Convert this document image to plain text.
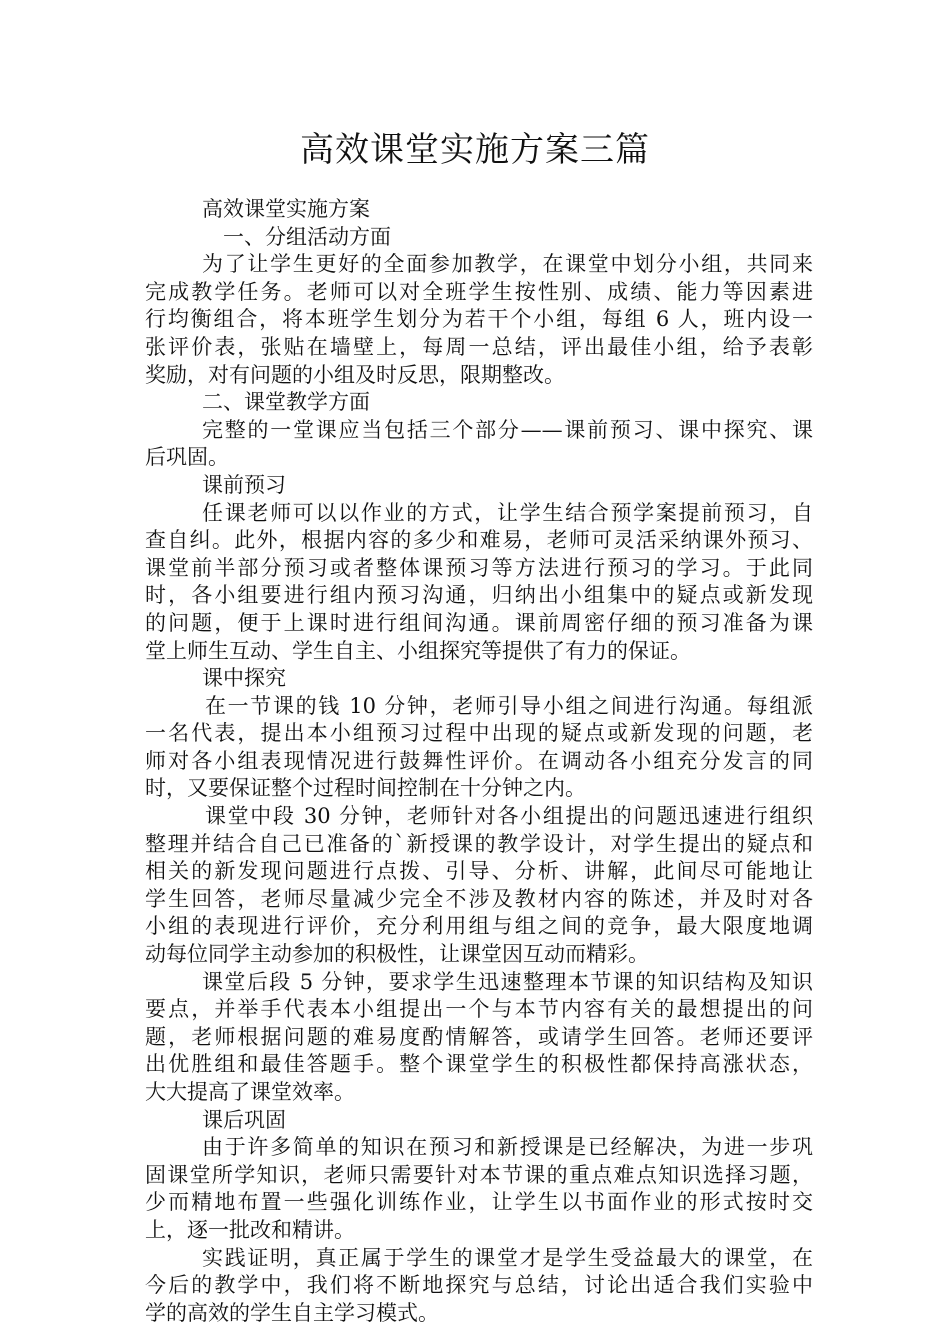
高效课堂实施方案三篇
高效课堂实施方案
一、分组活动方面
为了让学生更好的全面参加教学，在课堂中划分小组，共同来
完成教学任务。老师可以对全班学生按性别、成绩、能力等因素进
行均衡组合，将本班学生划分为若干个小组，每组 6 人，班内设一
张评价表，张贴在墙壁上，每周一总结，评出最佳小组，给予表彰
奖励，对有问题的小组及时反思，限期整改。
二、课堂教学方面
完整的一堂课应当包括三个部分——课前预习、课中探究、课
后巩固。
课前预习
任课老师可以以作业的方式，让学生结合预学案提前预习，自
查自纠。此外，根据内容的多少和难易，老师可灵活采纳课外预习、
课堂前半部分预习或者整体课预习等方法进行预习的学习。于此同
时，各小组要进行组内预习沟通，归纳出小组集中的疑点或新发现
的问题，便于上课时进行组间沟通。课前周密仔细的预习准备为课
堂上师生互动、学生自主、小组探究等提供了有力的保证。
课中探究
在一节课的钱 10 分钟，老师引导小组之间进行沟通。每组派
一名代表，提出本小组预习过程中出现的疑点或新发现的问题，老
师对各小组表现情况进行鼓舞性评价。在调动各小组充分发言的同
时，又要保证整个过程时间控制在十分钟之内。
课堂中段 30 分钟，老师针对各小组提出的问题迅速进行组织
整理并结合自己已准备的`新授课的教学设计，对学生提出的疑点和
相关的新发现问题进行点拨、引导、分析、讲解，此间尽可能地让
学生回答，老师尽量减少完全不涉及教材内容的陈述，并及时对各
小组的表现进行评价，充分利用组与组之间的竞争，最大限度地调
动每位同学主动参加的积极性，让课堂因互动而精彩。
课堂后段 5 分钟，要求学生迅速整理本节课的知识结构及知识
要点，并举手代表本小组提出一个与本节内容有关的最想提出的问
题，老师根据问题的难易度酌情解答，或请学生回答。老师还要评
出优胜组和最佳答题手。整个课堂学生的积极性都保持高涨状态，
大大提高了课堂效率。
课后巩固
由于许多简单的知识在预习和新授课是已经解决，为进一步巩
固课堂所学知识，老师只需要针对本节课的重点难点知识选择习题，
少而精地布置一些强化训练作业，让学生以书面作业的形式按时交
上，逐一批改和精讲。
实践证明，真正属于学生的课堂才是学生受益最大的课堂，在
今后的教学中，我们将不断地探究与总结，讨论出适合我们实验中
学的高效的学生自主学习模式。
